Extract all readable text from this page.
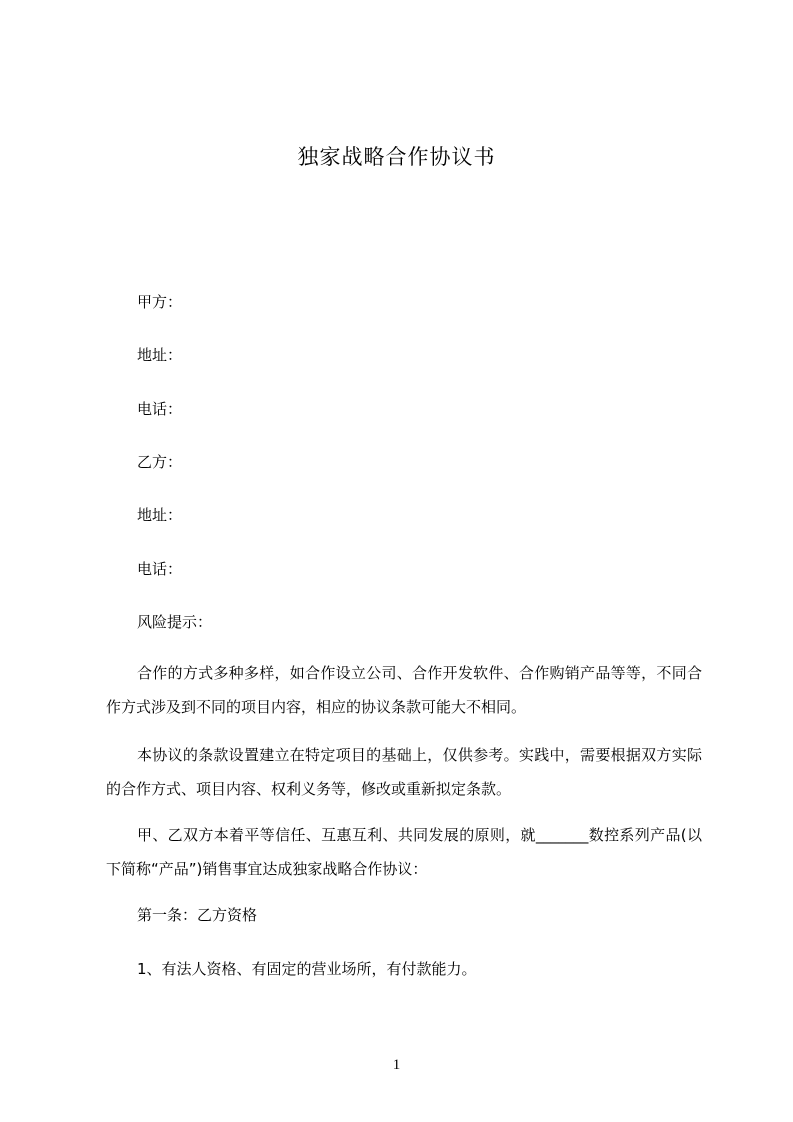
独家战略合作协议书
甲方：
地址：
电话：
乙方：
地址：
电话：
风险提示：
合作的方式多种多样，如合作设立公司、合作开发软件、合作购销产品等等，不同合作方式涉及到不同的项目内容，相应的协议条款可能大不相同。
本协议的条款设置建立在特定项目的基础上，仅供参考。实践中，需要根据双方实际的合作方式、项目内容、权利义务等，修改或重新拟定条款。
甲、乙双方本着平等信任、互惠互利、共同发展的原则，就_______数控系列产品(以下简称“产品”)销售事宜达成独家战略合作协议：
第一条：乙方资格
1、有法人资格、有固定的营业场所，有付款能力。
1
